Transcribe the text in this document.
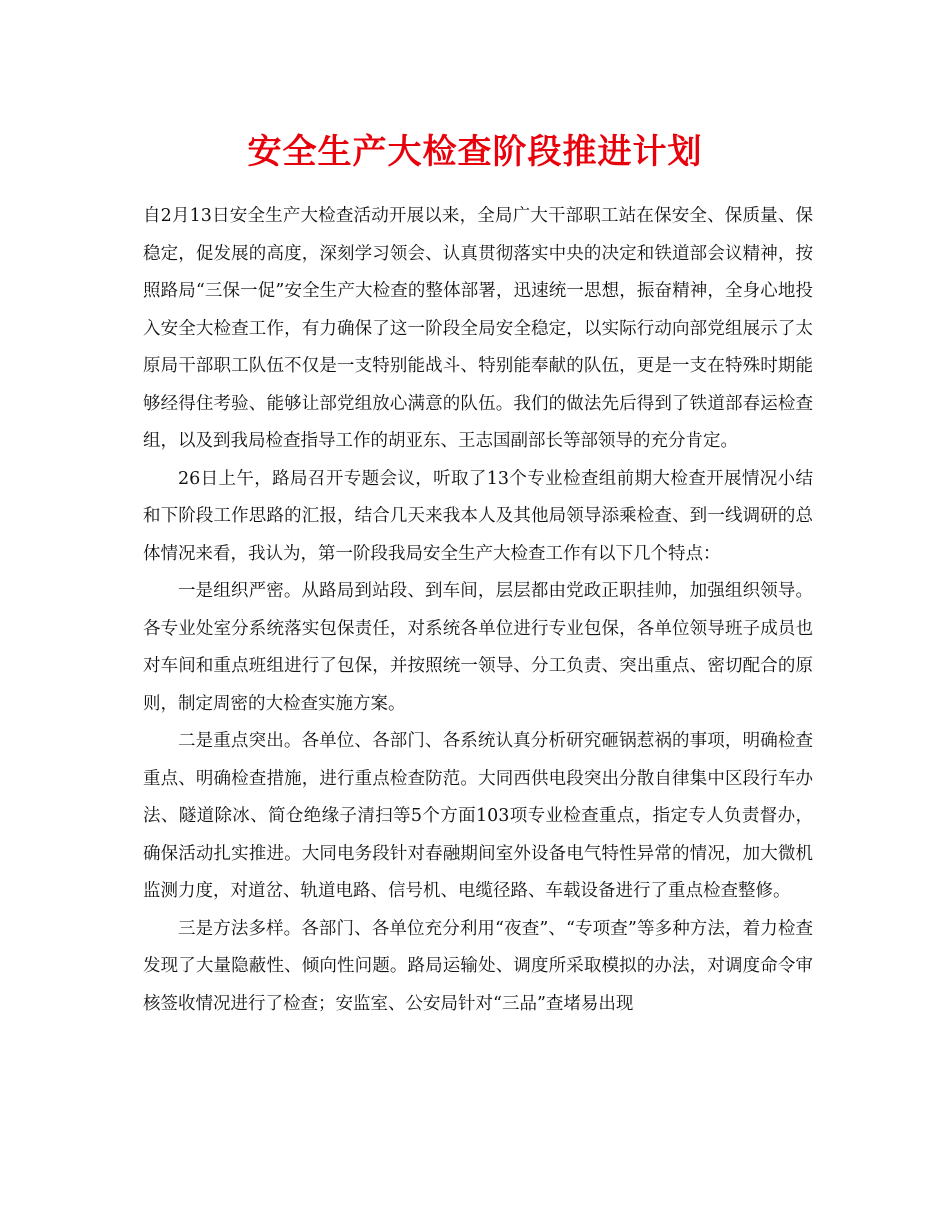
安全生产大检查阶段推进计划

自2月13日安全生产大检查活动开展以来，全局广大干部职工站在保安全、保质量、保稳定，促发展的高度，深刻学习领会、认真贯彻落实中央的决定和铁道部会议精神，按照路局“三保一促”安全生产大检查的整体部署，迅速统一思想，振奋精神，全身心地投入安全大检查工作，有力确保了这一阶段全局安全稳定，以实际行动向部党组展示了太原局干部职工队伍不仅是一支特别能战斗、特别能奉献的队伍，更是一支在特殊时期能够经得住考验、能够让部党组放心满意的队伍。我们的做法先后得到了铁道部春运检查组，以及到我局检查指导工作的胡亚东、王志国副部长等部领导的充分肯定。

26日上午，路局召开专题会议，听取了13个专业检查组前期大检查开展情况小结和下阶段工作思路的汇报，结合几天来我本人及其他局领导添乘检查、到一线调研的总体情况来看，我认为，第一阶段我局安全生产大检查工作有以下几个特点：

一是组织严密。从路局到站段、到车间，层层都由党政正职挂帅，加强组织领导。各专业处室分系统落实包保责任，对系统各单位进行专业包保，各单位领导班子成员也对车间和重点班组进行了包保，并按照统一领导、分工负责、突出重点、密切配合的原则，制定周密的大检查实施方案。

二是重点突出。各单位、各部门、各系统认真分析研究砸锅惹祸的事项，明确检查重点、明确检查措施，进行重点检查防范。大同西供电段突出分散自律集中区段行车办法、隧道除冰、简仓绝缘子清扫等5个方面103项专业检查重点，指定专人负责督办，确保活动扎实推进。大同电务段针对春融期间室外设备电气特性异常的情况，加大微机监测力度，对道岔、轨道电路、信号机、电缆径路、车载设备进行了重点检查整修。

三是方法多样。各部门、各单位充分利用“夜查”、“专项查”等多种方法，着力检查发现了大量隐蔽性、倾向性问题。路局运输处、调度所采取模拟的办法，对调度命令审核签收情况进行了检查；安监室、公安局针对“三品”查堵易出现
